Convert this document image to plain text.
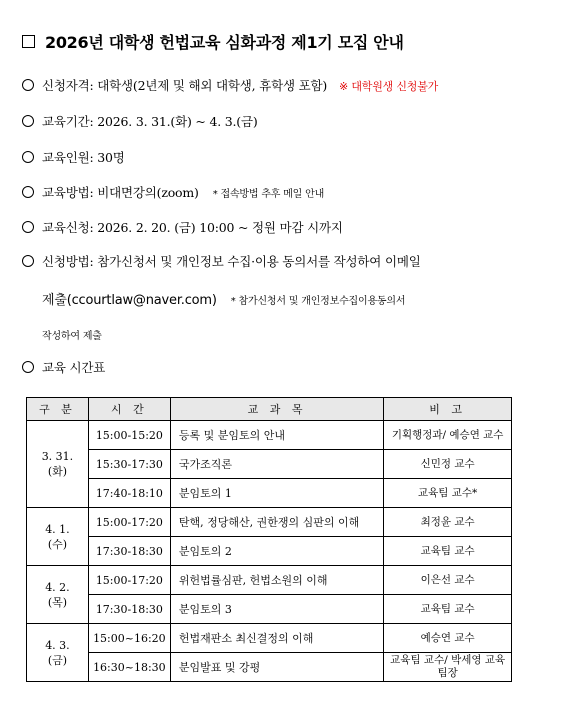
2026년 대학생 헌법교육 심화과정 제1기 모집 안내
신청자격: 대학생(2년제 및 해외 대학생, 휴학생 포함) ※ 대학원생 신청불가
교육기간: 2026. 3. 31.(화) ~ 4. 3.(금)
교육인원: 30명
교육방법: 비대면강의(zoom) * 접속방법 추후 메일 안내
교육신청: 2026. 2. 20. (금) 10:00 ~ 정원 마감 시까지
신청방법: 참가신청서 및 개인정보 수집·이용 동의서를 작성하여 이메일
제출(ccourtlaw@naver.com) * 참가신청서 및 개인정보수집이용동의서
작성하여 제출
교육 시간표
구 분	시 간	교 과 목	비 고
3. 31.
(화)	15:00-15:20	등록 및 분임토의 안내	기획행정과/ 예승연 교수
	15:30-17:30	국가조직론	신민정 교수
	17:40-18:10	분임토의 1	교육팀 교수*
4. 1.
(수)	15:00-17:20	탄핵, 정당해산, 권한쟁의 심판의 이해	최정윤 교수
	17:30-18:30	분임토의 2	교육팀 교수
4. 2.
(목)	15:00-17:20	위헌법률심판, 헌법소원의 이해	이은선 교수
	17:30-18:30	분임토의 3	교육팀 교수
4. 3.
(금)	15:00~16:20	헌법재판소 최신결정의 이해	예승연 교수
	16:30~18:30	분임발표 및 강평	교육팀 교수/ 박세영 교육팀장
